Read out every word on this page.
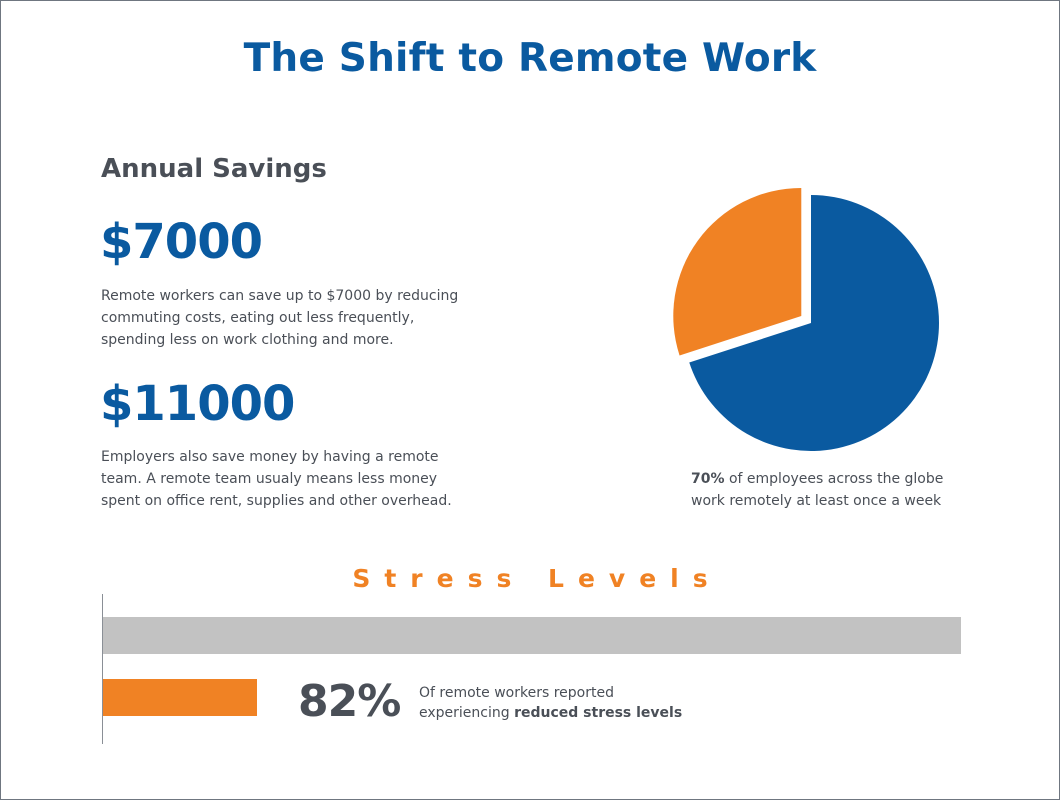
The Shift to Remote Work
Annual Savings
$7000
Remote workers can save up to $7000 by reducing commuting costs, eating out less frequently, spending less on work clothing and more.
$11000
Employers also save money by having a remote team. A remote team usualy means less money spent on office rent, supplies and other overhead.
70% of employees across the globe work remotely at least once a week
Stress Levels
82% Of remote workers reported
experiencing reduced stress levels
